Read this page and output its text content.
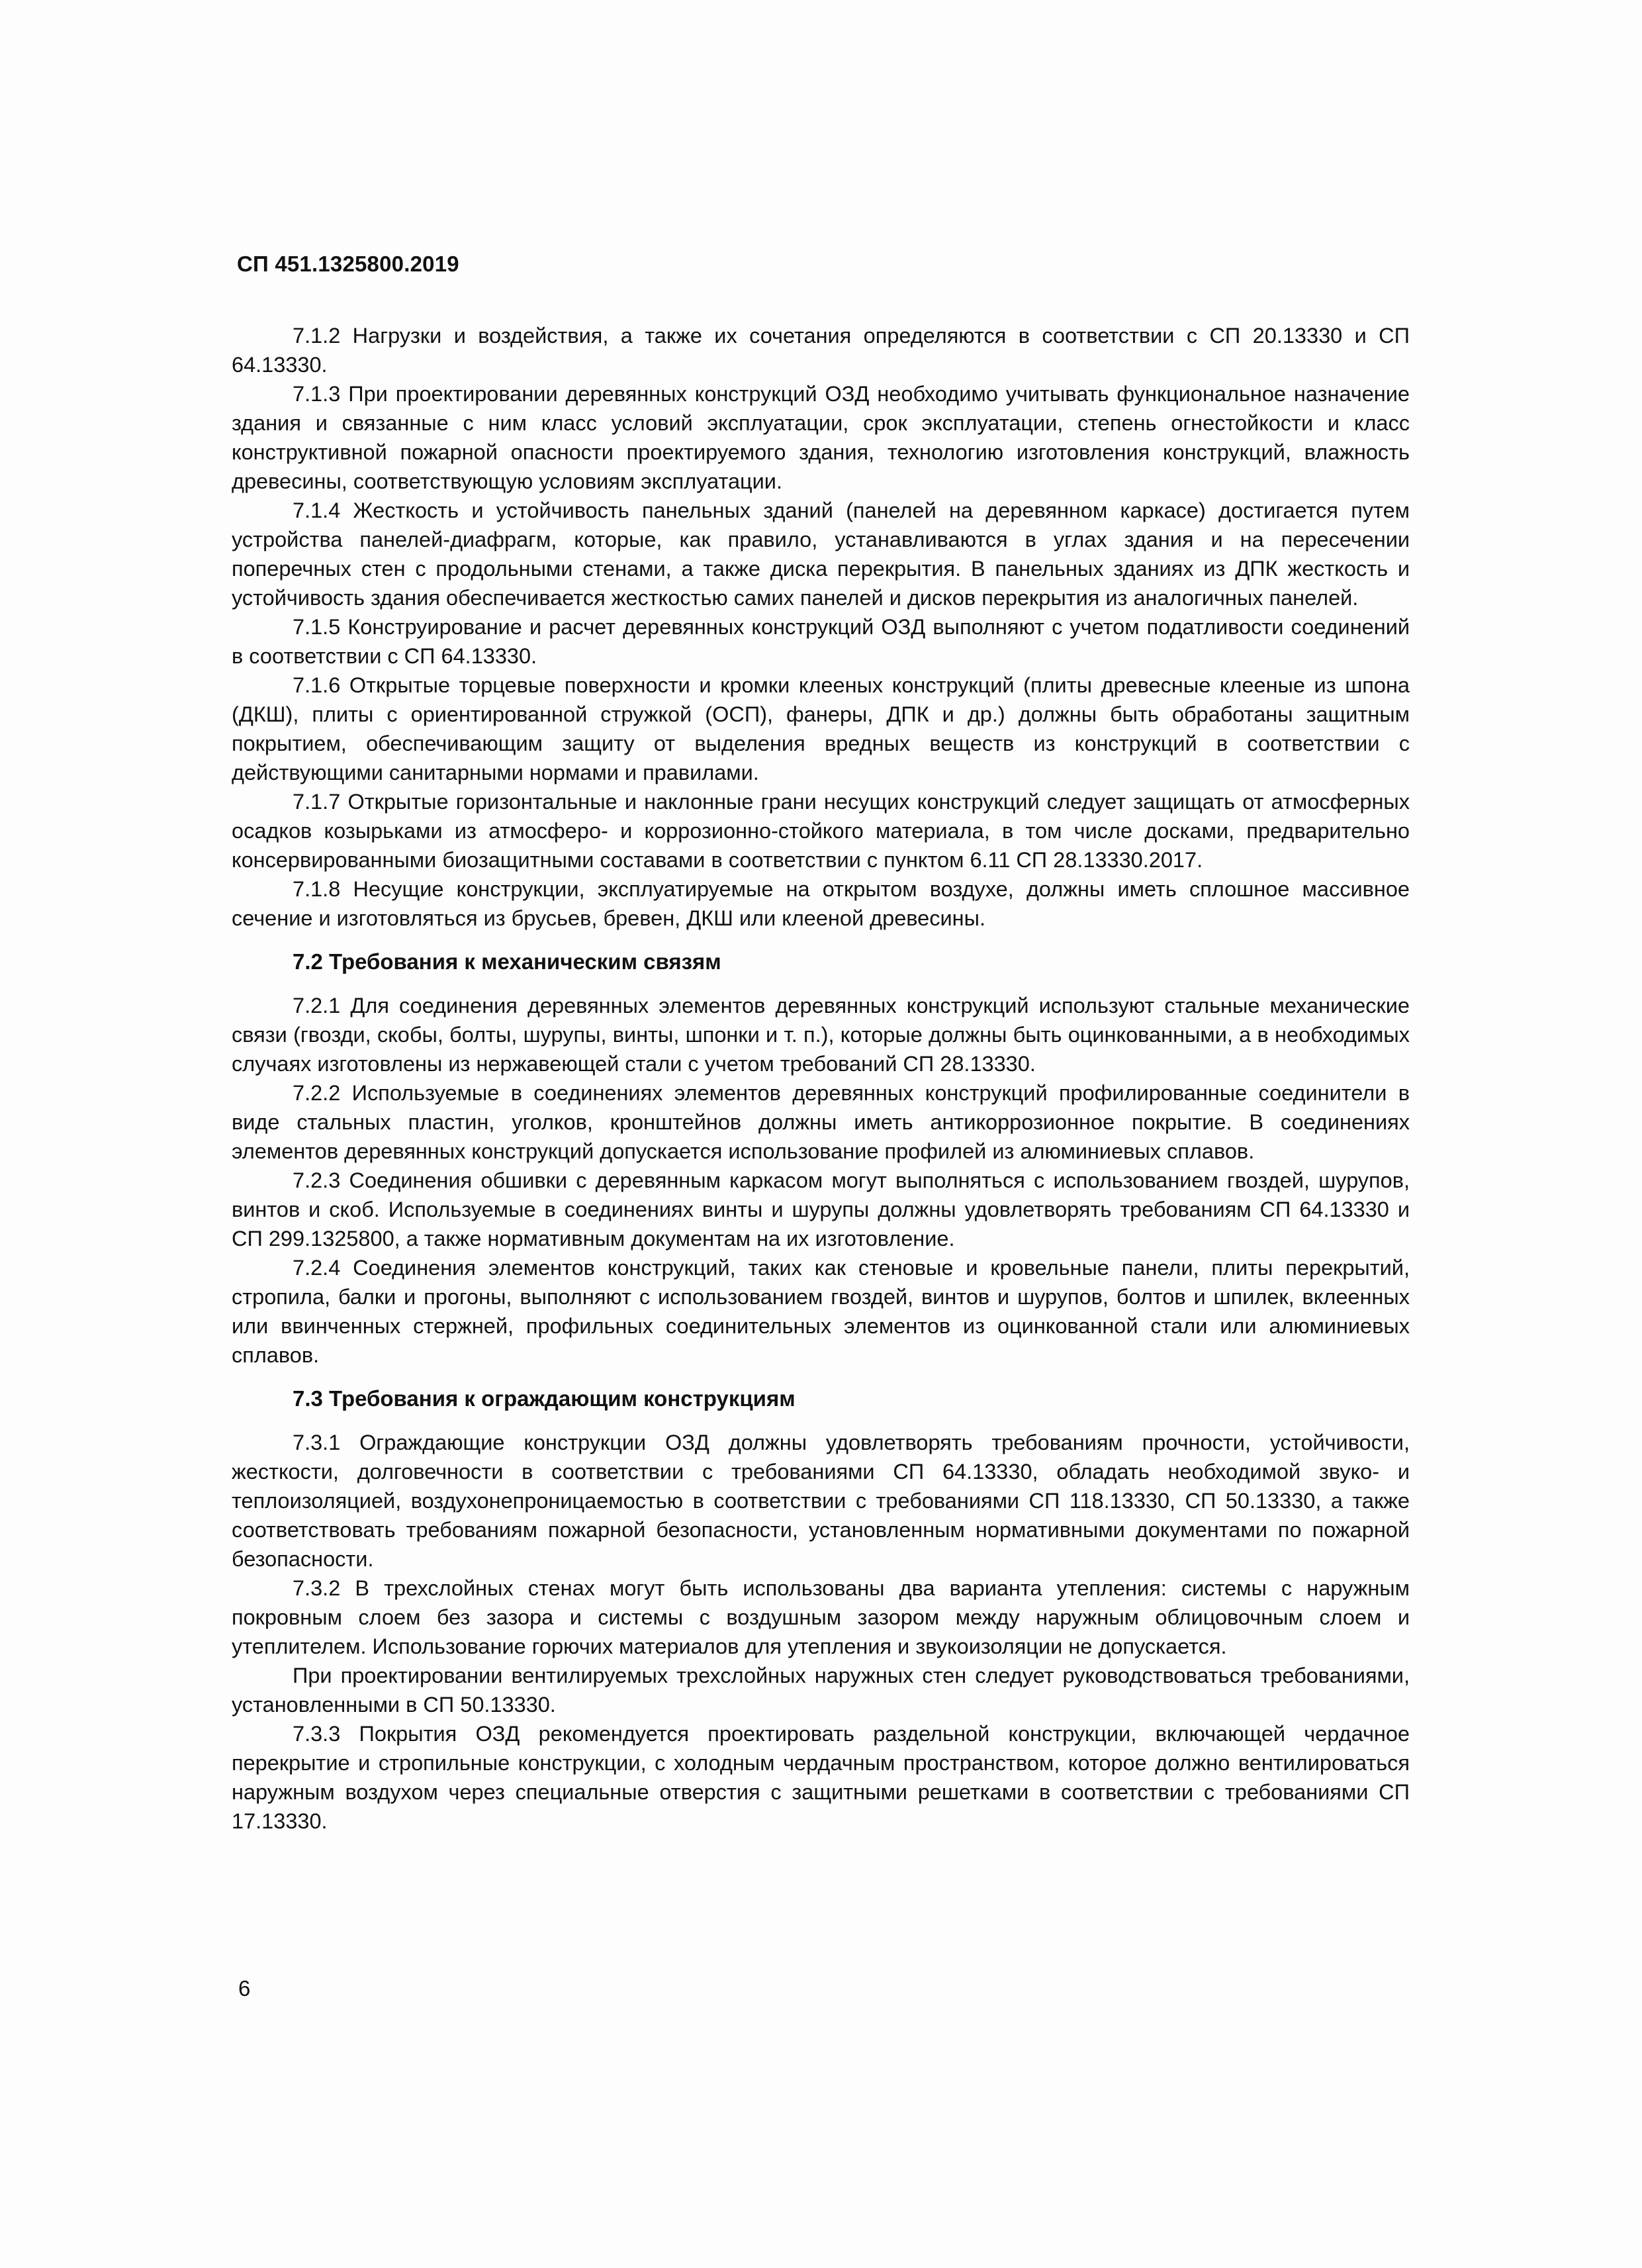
СП 451.1325800.2019

7.1.2 Нагрузки и воздействия, а также их сочетания определяются в соответствии с СП 20.13330 и СП 64.13330.

7.1.3 При проектировании деревянных конструкций ОЗД необходимо учитывать функциональное назначение здания и связанные с ним класс условий эксплуатации, срок эксплуатации, степень огнестойкости и класс конструктивной пожарной опасности проектируемого здания, технологию изготовления конструкций, влажность древесины, соответствующую условиям эксплуатации.

7.1.4 Жесткость и устойчивость панельных зданий (панелей на деревянном каркасе) достигается путем устройства панелей-диафрагм, которые, как правило, устанавливаются в углах здания и на пересечении поперечных стен с продольными стенами, а также диска перекрытия. В панельных зданиях из ДПК жесткость и устойчивость здания обеспечивается жесткостью самих панелей и дисков перекрытия из аналогичных панелей.

7.1.5 Конструирование и расчет деревянных конструкций ОЗД выполняют с учетом податливости соединений в соответствии с СП 64.13330.

7.1.6 Открытые торцевые поверхности и кромки клееных конструкций (плиты древесные клееные из шпона (ДКШ), плиты с ориентированной стружкой (ОСП), фанеры, ДПК и др.) должны быть обработаны защитным покрытием, обеспечивающим защиту от выделения вредных веществ из конструкций в соответствии с действующими санитарными нормами и правилами.

7.1.7 Открытые горизонтальные и наклонные грани несущих конструкций следует защищать от атмосферных осадков козырьками из атмосферо- и коррозионно-стойкого материала, в том числе досками, предварительно консервированными биозащитными составами в соответствии с пунктом 6.11 СП 28.13330.2017.

7.1.8 Несущие конструкции, эксплуатируемые на открытом воздухе, должны иметь сплошное массивное сечение и изготовляться из брусьев, бревен, ДКШ или клееной древесины.

7.2 Требования к механическим связям

7.2.1 Для соединения деревянных элементов деревянных конструкций используют стальные механические связи (гвозди, скобы, болты, шурупы, винты, шпонки и т. п.), которые должны быть оцинкованными, а в необходимых случаях изготовлены из нержавеющей стали с учетом требований СП 28.13330.

7.2.2 Используемые в соединениях элементов деревянных конструкций профилированные соединители в виде стальных пластин, уголков, кронштейнов должны иметь антикоррозионное покрытие. В соединениях элементов деревянных конструкций допускается использование профилей из алюминиевых сплавов.

7.2.3 Соединения обшивки с деревянным каркасом могут выполняться с использованием гвоздей, шурупов, винтов и скоб. Используемые в соединениях винты и шурупы должны удовлетворять требованиям СП 64.13330 и СП 299.1325800, а также нормативным документам на их изготовление.

7.2.4 Соединения элементов конструкций, таких как стеновые и кровельные панели, плиты перекрытий, стропила, балки и прогоны, выполняют с использованием гвоздей, винтов и шурупов, болтов и шпилек, вклеенных или ввинченных стержней, профильных соединительных элементов из оцинкованной стали или алюминиевых сплавов.

7.3 Требования к ограждающим конструкциям

7.3.1 Ограждающие конструкции ОЗД должны удовлетворять требованиям прочности, устойчивости, жесткости, долговечности в соответствии с требованиями СП 64.13330, обладать необходимой звуко- и теплоизоляцией, воздухонепроницаемостью в соответствии с требованиями СП 118.13330, СП 50.13330, а также соответствовать требованиям пожарной безопасности, установленным нормативными документами по пожарной безопасности.

7.3.2 В трехслойных стенах могут быть использованы два варианта утепления: системы с наружным покровным слоем без зазора и системы с воздушным зазором между наружным облицовочным слоем и утеплителем. Использование горючих материалов для утепления и звукоизоляции не допускается.

При проектировании вентилируемых трехслойных наружных стен следует руководствоваться требованиями, установленными в СП 50.13330.

7.3.3 Покрытия ОЗД рекомендуется проектировать раздельной конструкции, включающей чердачное перекрытие и стропильные конструкции, с холодным чердачным пространством, которое должно вентилироваться наружным воздухом через специальные отверстия с защитными решетками в соответствии с требованиями СП 17.13330.

6
